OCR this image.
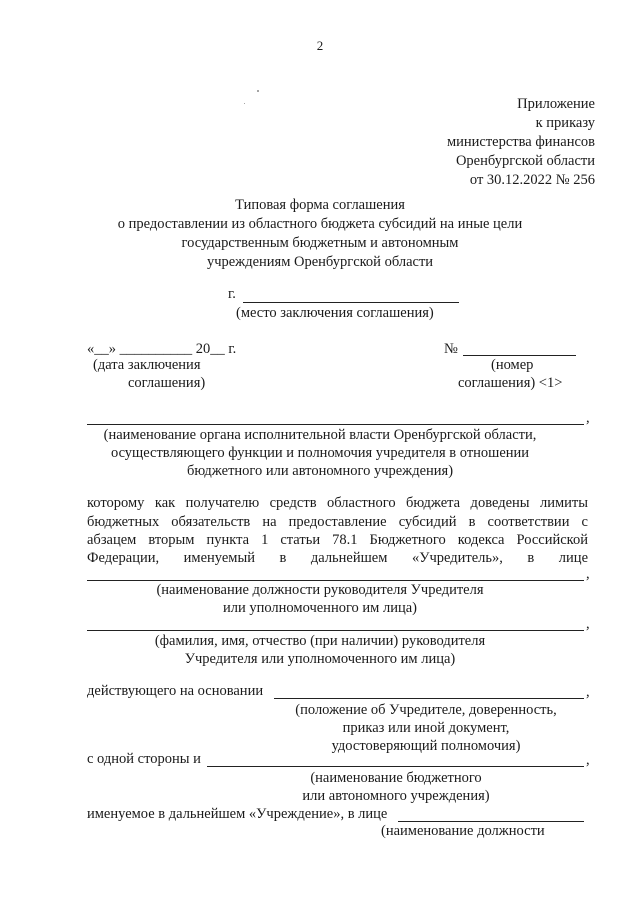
2
Приложение
к приказу
министерства финансов
Оренбургской области
от 30.12.2022 № 256
Типовая форма соглашения
о предоставлении из областного бюджета субсидий на иные цели
государственным бюджетным и автономным
учреждениям Оренбургской области
г.
(место заключения соглашения)
«__» __________ 20__ г.
(дата заключения
соглашения)
№
(номер
соглашения) <1>
,
(наименование органа исполнительной власти Оренбургской области,
осуществляющего функции и полномочия учредителя в отношении
бюджетного или автономного учреждения)
которому как получателю средств областного бюджета доведены лимиты
бюджетных обязательств на предоставление субсидий в соответствии с
абзацем вторым пункта 1 статьи 78.1 Бюджетного кодекса Российской
Федерации, именуемый в дальнейшем «Учредитель», в лице
,
(наименование должности руководителя Учредителя
или уполномоченного им лица)
,
(фамилия, имя, отчество (при наличии) руководителя
Учредителя или уполномоченного им лица)
действующего на основании	,
(положение об Учредителе, доверенность,
приказ или иной документ,
удостоверяющий полномочия)
с одной стороны и	,
(наименование бюджетного
или автономного учреждения)
именуемое в дальнейшем «Учреждение», в лице
(наименование должности
